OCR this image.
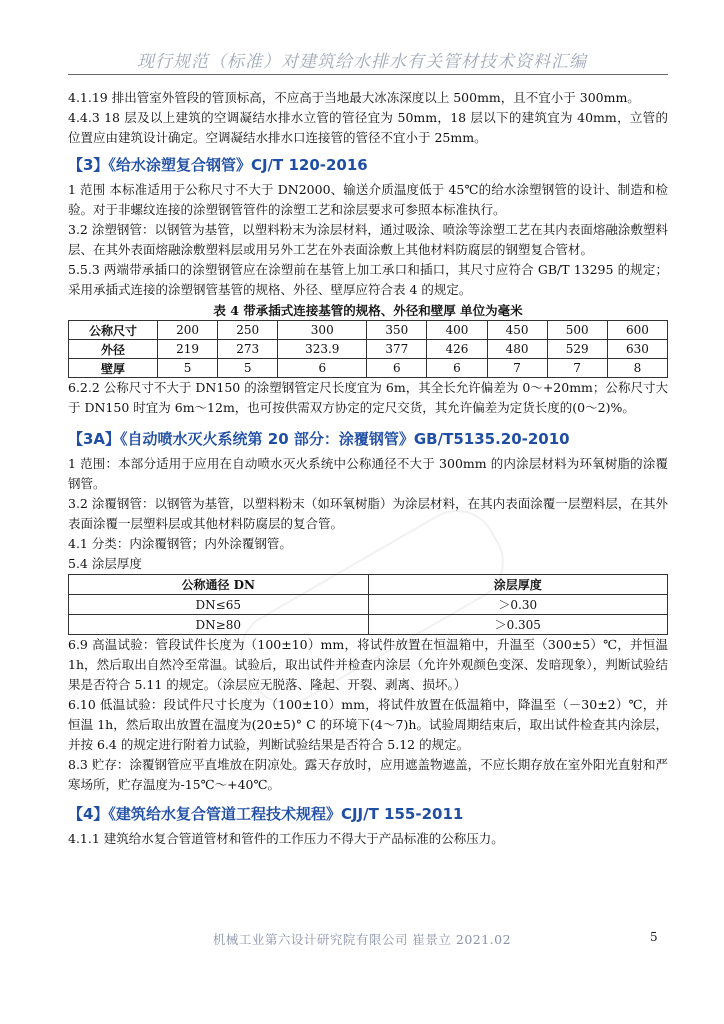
现行规范（标准）对建筑给水排水有关管材技术资料汇编

4.1.19 排出管室外管段的管顶标高，不应高于当地最大冰冻深度以上 500mm，且不宜小于 300mm。

4.4.3 18 层及以上建筑的空调凝结水排水立管的管径宜为 50mm，18 层以下的建筑宜为 40mm，立管的位置应由建筑设计确定。空调凝结水排水口连接管的管径不宜小于 25mm。

【3】《给水涂塑复合钢管》CJ/T 120-2016

1 范围 本标准适用于公称尺寸不大于 DN2000、输送介质温度低于 45℃的给水涂塑钢管的设计、制造和检验。对于非螺纹连接的涂塑钢管管件的涂塑工艺和涂层要求可参照本标准执行。

3.2 涂塑钢管：以钢管为基管，以塑料粉末为涂层材料，通过吸涂、喷涂等涂塑工艺在其内表面熔融涂敷塑料层、在其外表面熔融涂敷塑料层或用另外工艺在外表面涂敷上其他材料防腐层的钢塑复合管材。

5.5.3 两端带承插口的涂塑钢管应在涂塑前在基管上加工承口和插口，其尺寸应符合 GB/T 13295 的规定；采用承插式连接的涂塑钢管基管的规格、外径、壁厚应符合表 4 的规定。

表 4 带承插式连接基管的规格、外径和壁厚 单位为毫米
公称尺寸	200	250	300	350	400	450	500	600
外径	219	273	323.9	377	426	480	529	630
壁厚	5	5	6	6	6	7	7	8

6.2.2 公称尺寸不大于 DN150 的涂塑钢管定尺长度宜为 6m，其全长允许偏差为 0～+20mm；公称尺寸大于 DN150 时宜为 6m～12m，也可按供需双方协定的定尺交货，其允许偏差为定货长度的(0～2)%。

【3A】《自动喷水灭火系统第 20 部分：涂覆钢管》GB/T5135.20-2010

1 范围：本部分适用于应用在自动喷水灭火系统中公称通径不大于 300mm 的内涂层材料为环氧树脂的涂覆钢管。

3.2 涂覆钢管：以钢管为基管，以塑料粉末（如环氧树脂）为涂层材料，在其内表面涂覆一层塑料层，在其外表面涂覆一层塑料层或其他材料防腐层的复合管。

4.1 分类：内涂覆钢管；内外涂覆钢管。

5.4 涂层厚度

公称通径 DN	涂层厚度
DN≤65	＞0.30
DN≥80	＞0.305

6.9 高温试验：管段试件长度为（100±10）mm，将试件放置在恒温箱中，升温至（300±5）℃，并恒温 1h，然后取出自然冷至常温。试验后，取出试件并检查内涂层（允许外观颜色变深、发暗现象），判断试验结果是否符合 5.11 的规定。（涂层应无脱落、隆起、开裂、剥离、损坏。）

6.10 低温试验：段试件尺寸长度为（100±10）mm，将试件放置在低温箱中，降温至（－30±2）℃，并恒温 1h，然后取出放置在温度为(20±5)° C 的环境下(4～7)h。试验周期结束后，取出试件检查其内涂层，并按 6.4 的规定进行附着力试验，判断试验结果是否符合 5.12 的规定。

8.3 贮存：涂覆钢管应平直堆放在阴凉处。露天存放时，应用遮盖物遮盖，不应长期存放在室外阳光直射和严寒场所，贮存温度为-15℃～+40℃。

【4】《建筑给水复合管道工程技术规程》CJJ/T 155-2011

4.1.1 建筑给水复合管道管材和管件的工作压力不得大于产品标准的公称压力。

机械工业第六设计研究院有限公司 崔景立 2021.02	5
